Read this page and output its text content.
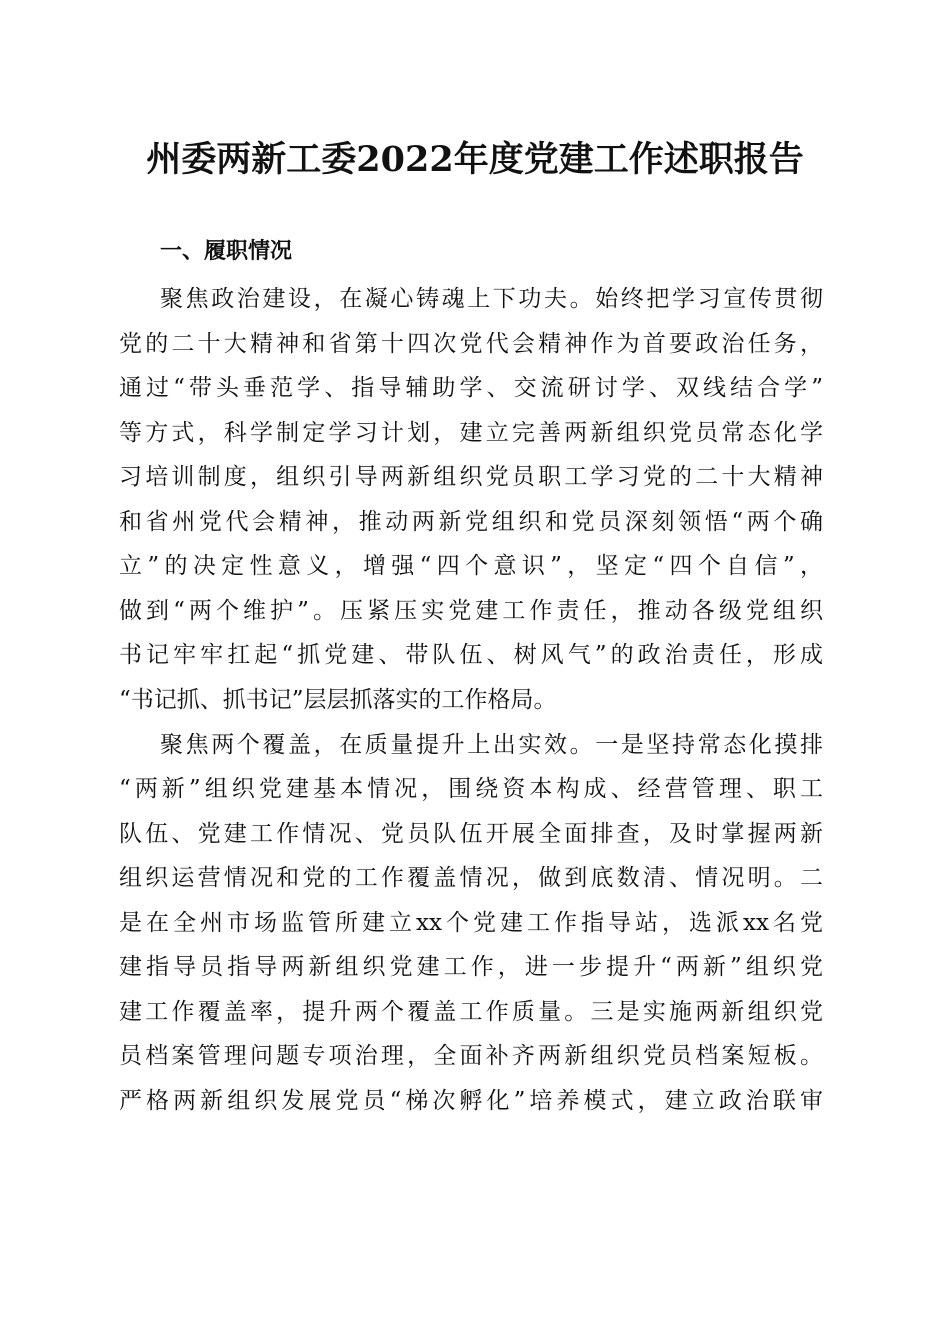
州委两新工委2022年度党建工作述职报告
一、履职情况
聚焦政治建设，在凝心铸魂上下功夫。始终把学习宣传贯彻
党的二十大精神和省第十四次党代会精神作为首要政治任务，
通过“带头垂范学、指导辅助学、交流研讨学、双线结合学”
等方式，科学制定学习计划，建立完善两新组织党员常态化学
习培训制度，组织引导两新组织党员职工学习党的二十大精神
和省州党代会精神，推动两新党组织和党员深刻领悟“两个确
立”的决定性意义，增强“四个意识”，坚定“四个自信”，
做到“两个维护”。压紧压实党建工作责任，推动各级党组织
书记牢牢扛起“抓党建、带队伍、树风气”的政治责任，形成
“书记抓、抓书记”层层抓落实的工作格局。
聚焦两个覆盖，在质量提升上出实效。一是坚持常态化摸排
“两新”组织党建基本情况，围绕资本构成、经营管理、职工
队伍、党建工作情况、党员队伍开展全面排查，及时掌握两新
组织运营情况和党的工作覆盖情况，做到底数清、情况明。二
是在全州市场监管所建立xx个党建工作指导站，选派xx名党
建指导员指导两新组织党建工作，进一步提升“两新”组织党
建工作覆盖率，提升两个覆盖工作质量。三是实施两新组织党
员档案管理问题专项治理，全面补齐两新组织党员档案短板。
严格两新组织发展党员“梯次孵化”培养模式，建立政治联审
